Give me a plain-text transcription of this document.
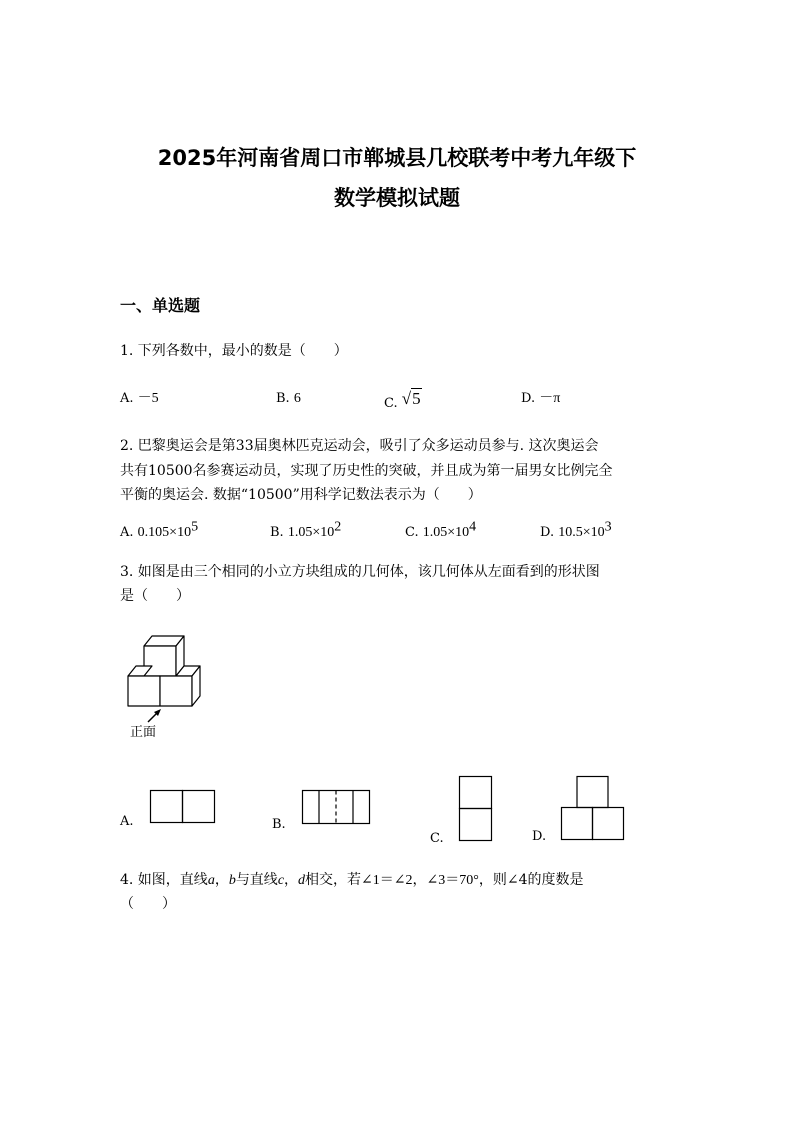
2025年河南省周口市郸城县几校联考中考九年级下
数学模拟试题
一、单选题
1. 下列各数中，最小的数是（　　）
A. －5	B. 6	C. √5	D. －π
2. 巴黎奥运会是第33届奥林匹克运动会，吸引了众多运动员参与. 这次奥运会
共有10500名参赛运动员，实现了历史性的突破，并且成为第一届男女比例完全
平衡的奥运会. 数据“10500”用科学记数法表示为（　　）
A. $0.105\times 10^5$	B. $1.05\times 10^2$	C. $1.05\times 10^4$	D. $10.5\times 10^3$
3. 如图是由三个相同的小立方块组成的几何体，该几何体从左面看到的形状图
是（　　）
正面
A.	B.
C.	D.
4. 如图，直线a，b与直线c，d相交，若∠1＝∠2，∠3＝70°，则∠4的度数是
（　　）
